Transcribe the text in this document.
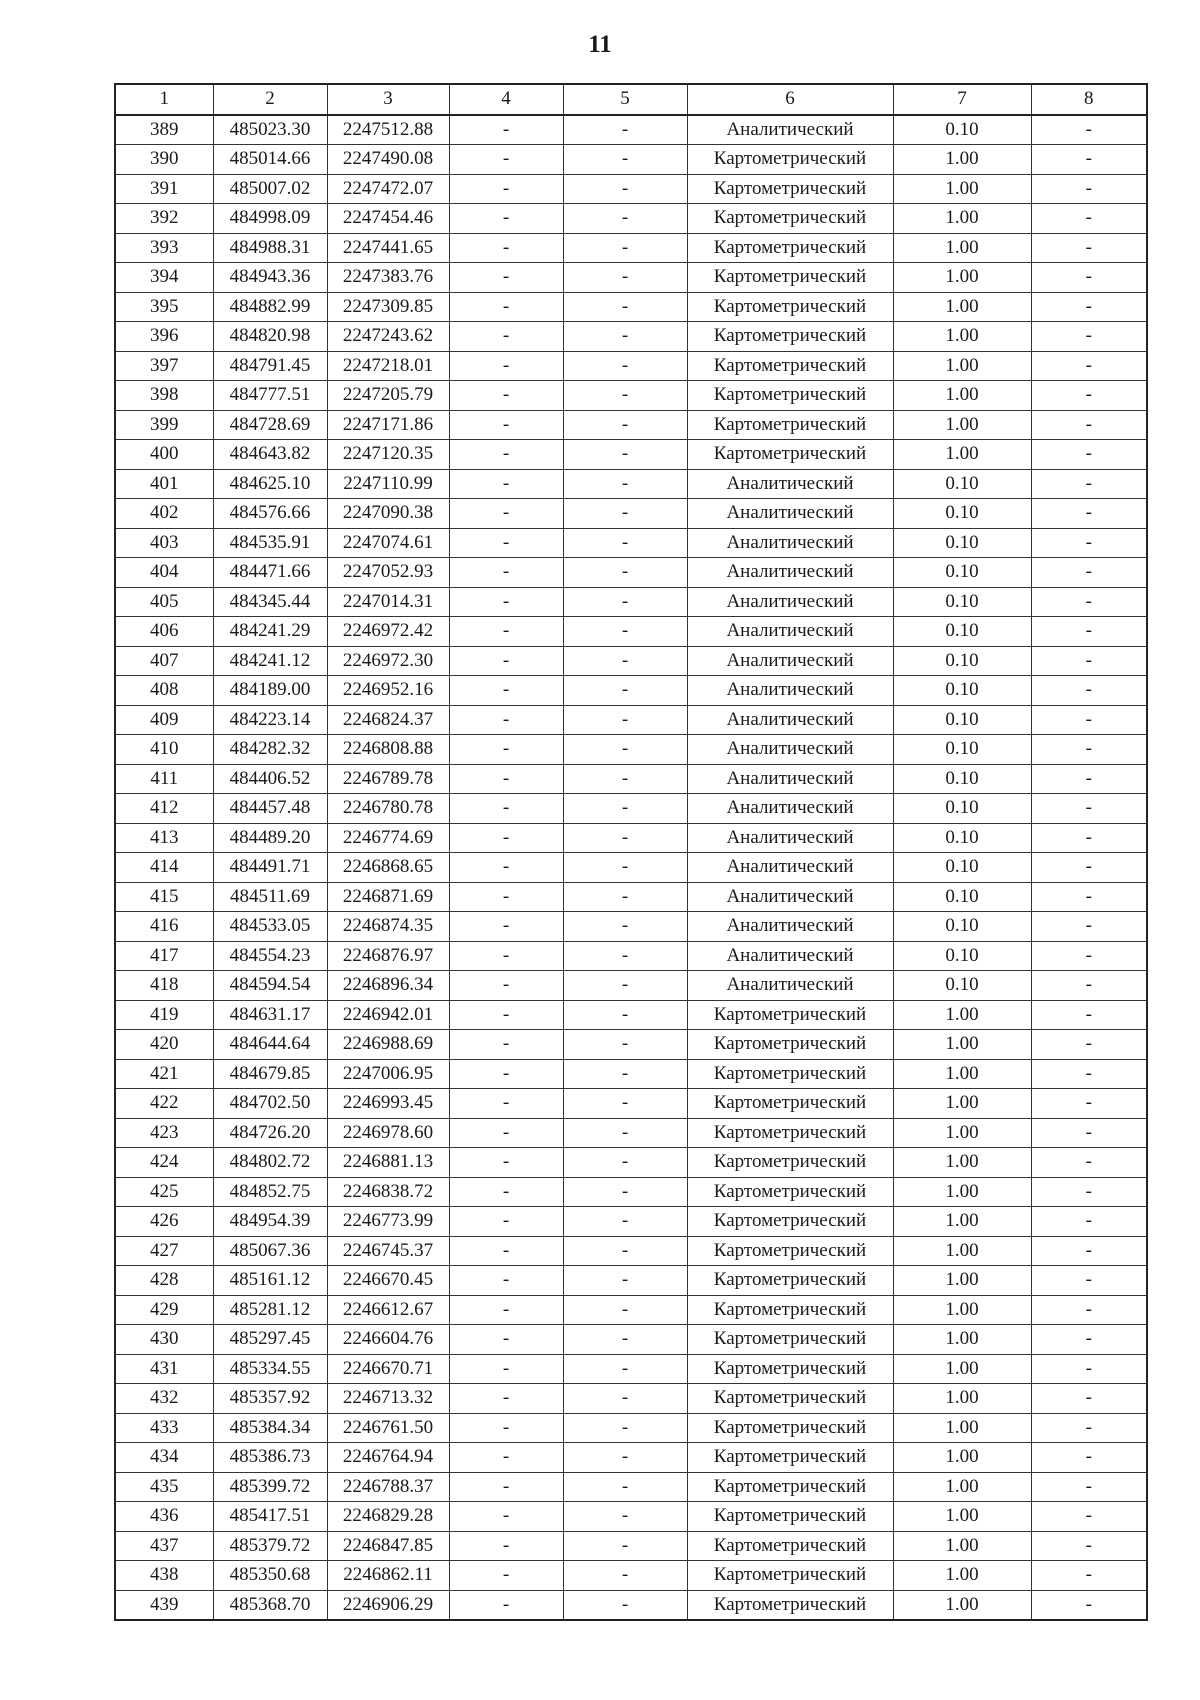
11
1	2	3	4	5	6	7	8
389	485023.30	2247512.88	-	-	Аналитический	0.10	-
390	485014.66	2247490.08	-	-	Картометрический	1.00	-
391	485007.02	2247472.07	-	-	Картометрический	1.00	-
392	484998.09	2247454.46	-	-	Картометрический	1.00	-
393	484988.31	2247441.65	-	-	Картометрический	1.00	-
394	484943.36	2247383.76	-	-	Картометрический	1.00	-
395	484882.99	2247309.85	-	-	Картометрический	1.00	-
396	484820.98	2247243.62	-	-	Картометрический	1.00	-
397	484791.45	2247218.01	-	-	Картометрический	1.00	-
398	484777.51	2247205.79	-	-	Картометрический	1.00	-
399	484728.69	2247171.86	-	-	Картометрический	1.00	-
400	484643.82	2247120.35	-	-	Картометрический	1.00	-
401	484625.10	2247110.99	-	-	Аналитический	0.10	-
402	484576.66	2247090.38	-	-	Аналитический	0.10	-
403	484535.91	2247074.61	-	-	Аналитический	0.10	-
404	484471.66	2247052.93	-	-	Аналитический	0.10	-
405	484345.44	2247014.31	-	-	Аналитический	0.10	-
406	484241.29	2246972.42	-	-	Аналитический	0.10	-
407	484241.12	2246972.30	-	-	Аналитический	0.10	-
408	484189.00	2246952.16	-	-	Аналитический	0.10	-
409	484223.14	2246824.37	-	-	Аналитический	0.10	-
410	484282.32	2246808.88	-	-	Аналитический	0.10	-
411	484406.52	2246789.78	-	-	Аналитический	0.10	-
412	484457.48	2246780.78	-	-	Аналитический	0.10	-
413	484489.20	2246774.69	-	-	Аналитический	0.10	-
414	484491.71	2246868.65	-	-	Аналитический	0.10	-
415	484511.69	2246871.69	-	-	Аналитический	0.10	-
416	484533.05	2246874.35	-	-	Аналитический	0.10	-
417	484554.23	2246876.97	-	-	Аналитический	0.10	-
418	484594.54	2246896.34	-	-	Аналитический	0.10	-
419	484631.17	2246942.01	-	-	Картометрический	1.00	-
420	484644.64	2246988.69	-	-	Картометрический	1.00	-
421	484679.85	2247006.95	-	-	Картометрический	1.00	-
422	484702.50	2246993.45	-	-	Картометрический	1.00	-
423	484726.20	2246978.60	-	-	Картометрический	1.00	-
424	484802.72	2246881.13	-	-	Картометрический	1.00	-
425	484852.75	2246838.72	-	-	Картометрический	1.00	-
426	484954.39	2246773.99	-	-	Картометрический	1.00	-
427	485067.36	2246745.37	-	-	Картометрический	1.00	-
428	485161.12	2246670.45	-	-	Картометрический	1.00	-
429	485281.12	2246612.67	-	-	Картометрический	1.00	-
430	485297.45	2246604.76	-	-	Картометрический	1.00	-
431	485334.55	2246670.71	-	-	Картометрический	1.00	-
432	485357.92	2246713.32	-	-	Картометрический	1.00	-
433	485384.34	2246761.50	-	-	Картометрический	1.00	-
434	485386.73	2246764.94	-	-	Картометрический	1.00	-
435	485399.72	2246788.37	-	-	Картометрический	1.00	-
436	485417.51	2246829.28	-	-	Картометрический	1.00	-
437	485379.72	2246847.85	-	-	Картометрический	1.00	-
438	485350.68	2246862.11	-	-	Картометрический	1.00	-
439	485368.70	2246906.29	-	-	Картометрический	1.00	-
